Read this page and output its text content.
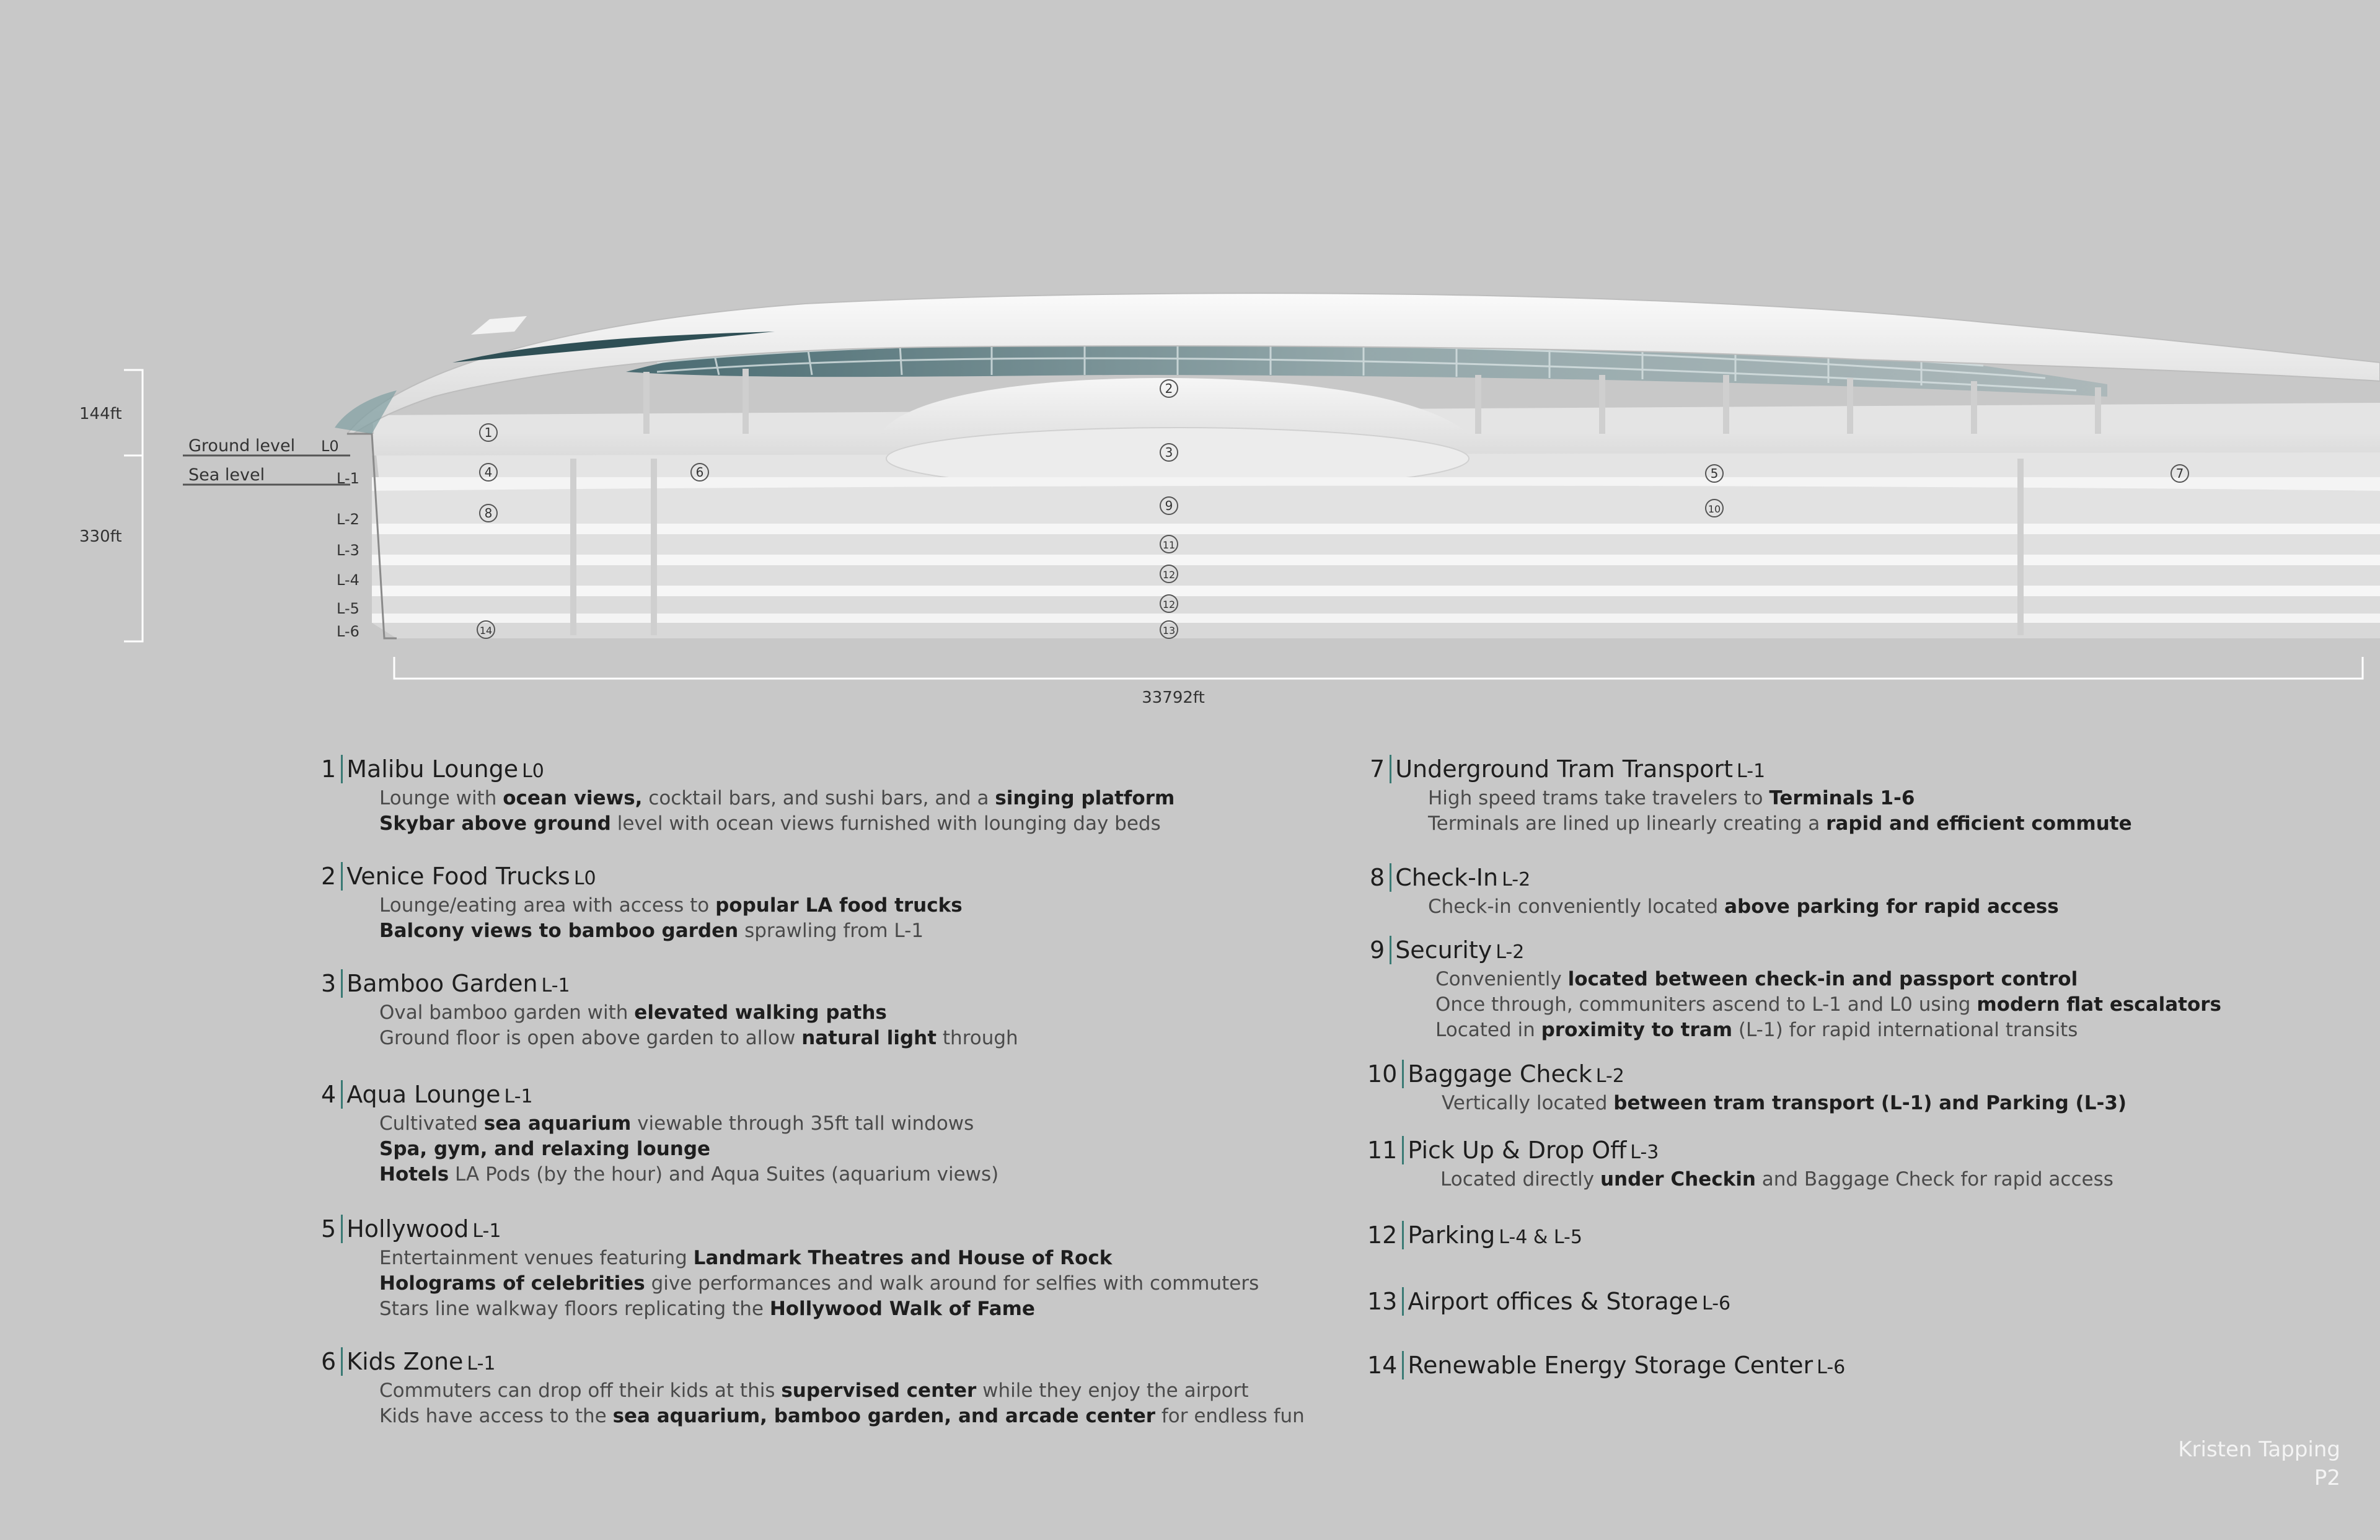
144ft
330ft
Ground level
Sea level
L0
L-1
L-2
L-3
L-4
L-5
L-6
33792ft
1
2
3
4	5
6	7
8	9	10
11
12
12
13
14
1 Malibu Lounge L0
Lounge with ocean views, cocktail bars, and sushi bars, and a singing platform
Skybar above ground level with ocean views furnished with lounging day beds
2 Venice Food Trucks L0
Lounge/eating area with access to popular LA food trucks
Balcony views to bamboo garden sprawling from L-1
3 Bamboo Garden L-1
Oval bamboo garden with elevated walking paths
Ground floor is open above garden to allow natural light through
4 Aqua Lounge L-1
Cultivated sea aquarium viewable through 35ft tall windows
Spa, gym, and relaxing lounge
Hotels LA Pods (by the hour) and Aqua Suites (aquarium views)
5 Hollywood L-1
Entertainment venues featuring Landmark Theatres and House of Rock
Holograms of celebrities give performances and walk around for selfies with commuters
Stars line walkway floors replicating the Hollywood Walk of Fame
6 Kids Zone L-1
Commuters can drop off their kids at this supervised center while they enjoy the airport
Kids have access to the sea aquarium, bamboo garden, and arcade center for endless fun
7 Underground Tram Transport L-1
High speed trams take travelers to Terminals 1-6
Terminals are lined up linearly creating a rapid and efficient commute
8 Check-In L-2
Check-in conveniently located above parking for rapid access
9 Security L-2
Conveniently located between check-in and passport control
Once through, communiters ascend to L-1 and L0 using modern flat escalators
Located in proximity to tram (L-1) for rapid international transits
10 Baggage Check L-2
Vertically located between tram transport (L-1) and Parking (L-3)
11 Pick Up & Drop Off L-3
Located directly under Checkin and Baggage Check for rapid access
12 Parking L-4 & L-5
13 Airport offices & Storage L-6
14 Renewable Energy Storage Center L-6
Kristen Tapping
P2
